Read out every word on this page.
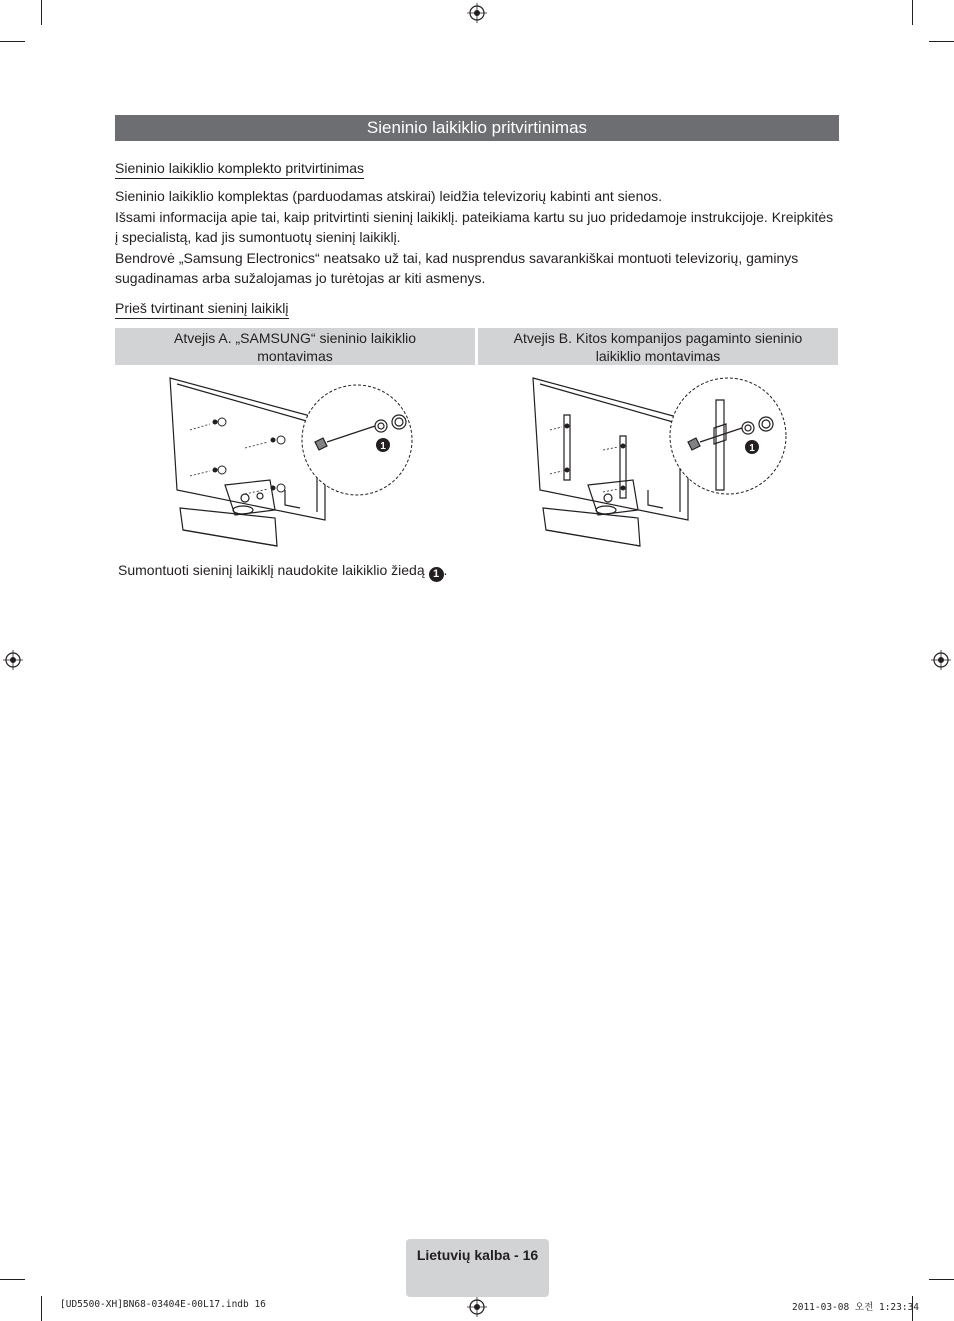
Sieninio laikiklio pritvirtinimas
Sieninio laikiklio komplekto pritvirtinimas
Sieninio laikiklio komplektas (parduodamas atskirai) leidžia televizorių kabinti ant sienos.
Išsami informacija apie tai, kaip pritvirtinti sieninį laikiklį. pateikiama kartu su juo pridedamoje instrukcijoje. Kreipkitės į specialistą, kad jis sumontuotų sieninį laikiklį.
Bendrovė „Samsung Electronics“ neatsako už tai, kad nusprendus savarankiškai montuoti televizorių, gaminys sugadinamas arba sužalojamas jo turėtojas ar kiti asmenys.
Prieš tvirtinant sieninį laikiklį
Atvejis A. „SAMSUNG“ sieninio laikiklio
montavimas
Atvejis B. Kitos kompanijos pagaminto sieninio
laikiklio montavimas
1	1
Sumontuoti sieninį laikiklį naudokite laikiklio žiedą 1 .
Lietuvių kalba - 16
[UD5500-XH]BN68-03404E-00L17.indb 16	2011-03-08 오전 1:23:34
